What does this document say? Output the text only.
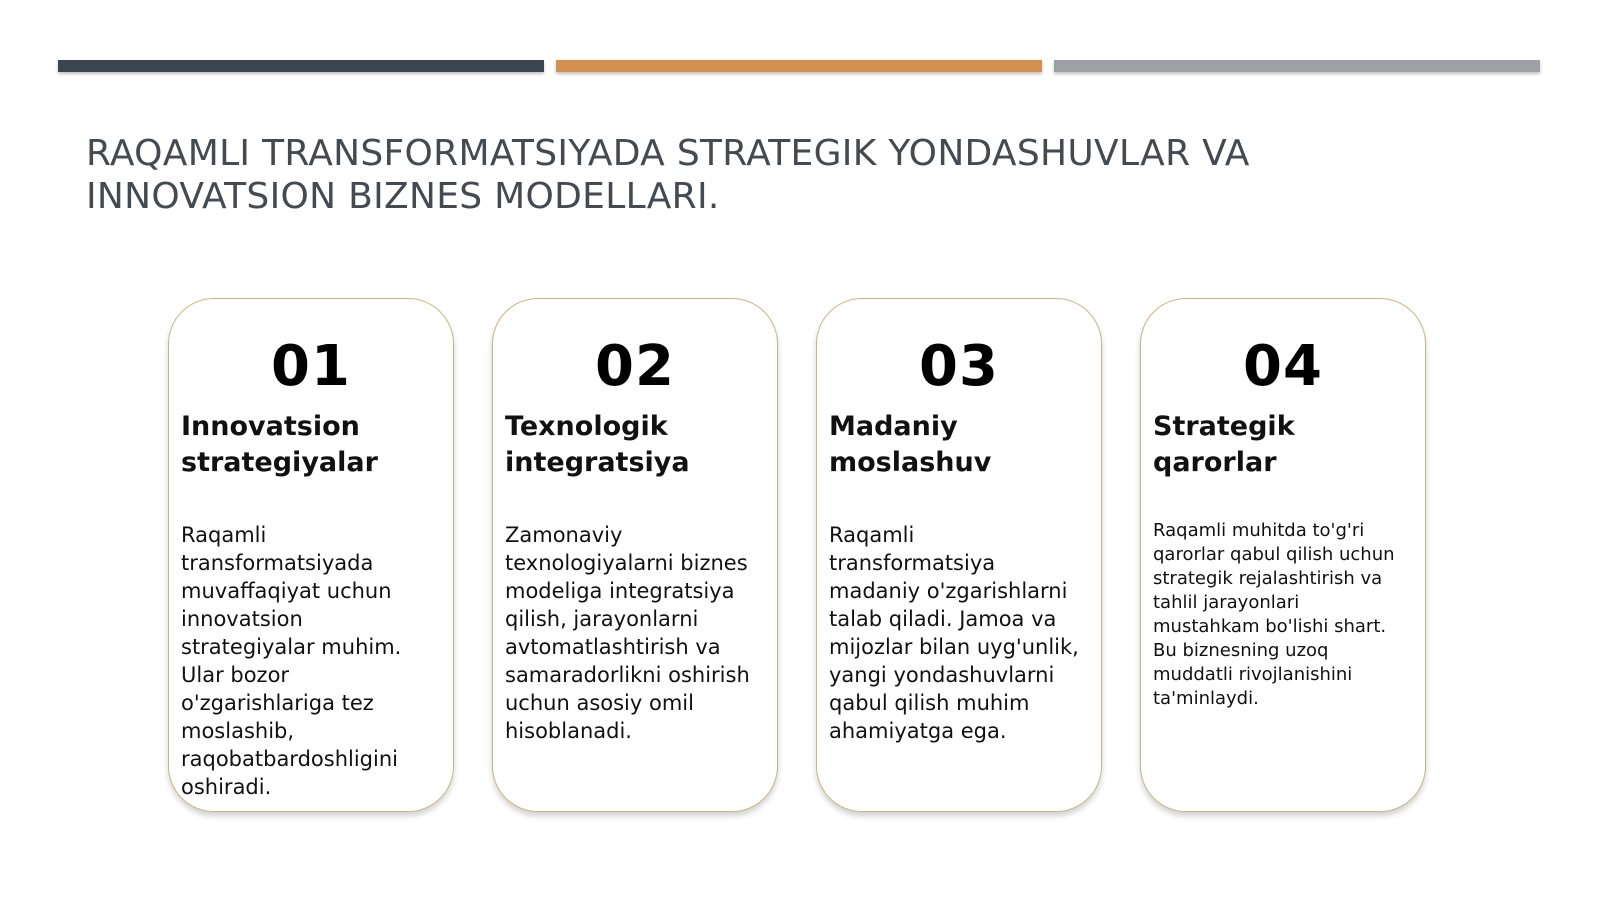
RAQAMLI TRANSFORMATSIYADA STRATEGIK YONDASHUVLAR VA
INNOVATSION BIZNES MODELLARI.
01
Innovatsion
strategiyalar
Raqamli transformatsiyada muvaffaqiyat uchun innovatsion strategiyalar muhim. Ular bozor o'zgarishlariga tez moslashib, raqobatbardoshligini oshiradi.
02
Texnologik
integratsiya
Zamonaviy texnologiyalarni biznes modeliga integratsiya qilish, jarayonlarni avtomatlashtirish va samaradorlikni oshirish uchun asosiy omil hisoblanadi.
03
Madaniy
moslashuv
Raqamli transformatsiya madaniy o'zgarishlarni talab qiladi. Jamoa va mijozlar bilan uyg'unlik, yangi yondashuvlarni qabul qilish muhim ahamiyatga ega.
04
Strategik
qarorlar
Raqamli muhitda to'g'ri qarorlar qabul qilish uchun strategik rejalashtirish va tahlil jarayonlari mustahkam bo'lishi shart. Bu biznesning uzoq muddatli rivojlanishini ta'minlaydi.
